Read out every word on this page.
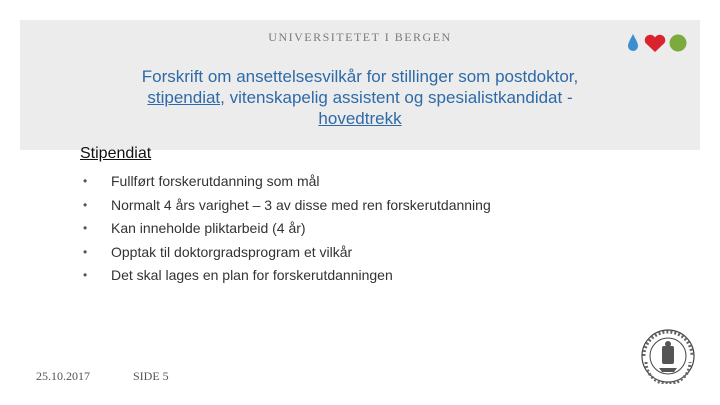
UNIVERSITETET I BERGEN
Forskrift om ansettelsesvilkår for stillinger som postdoktor,
stipendiat, vitenskapelig assistent og spesialistkandidat -
hovedtrekk
Stipendiat
•	Fullført forskerutdanning som mål
•	Normalt 4 års varighet – 3 av disse med ren forskerutdanning
•	Kan inneholde pliktarbeid (4 år)
•	Opptak til doktorgradsprogram et vilkår
•	Det skal lages en plan for forskerutdanningen
25.10.2017	SIDE 5
